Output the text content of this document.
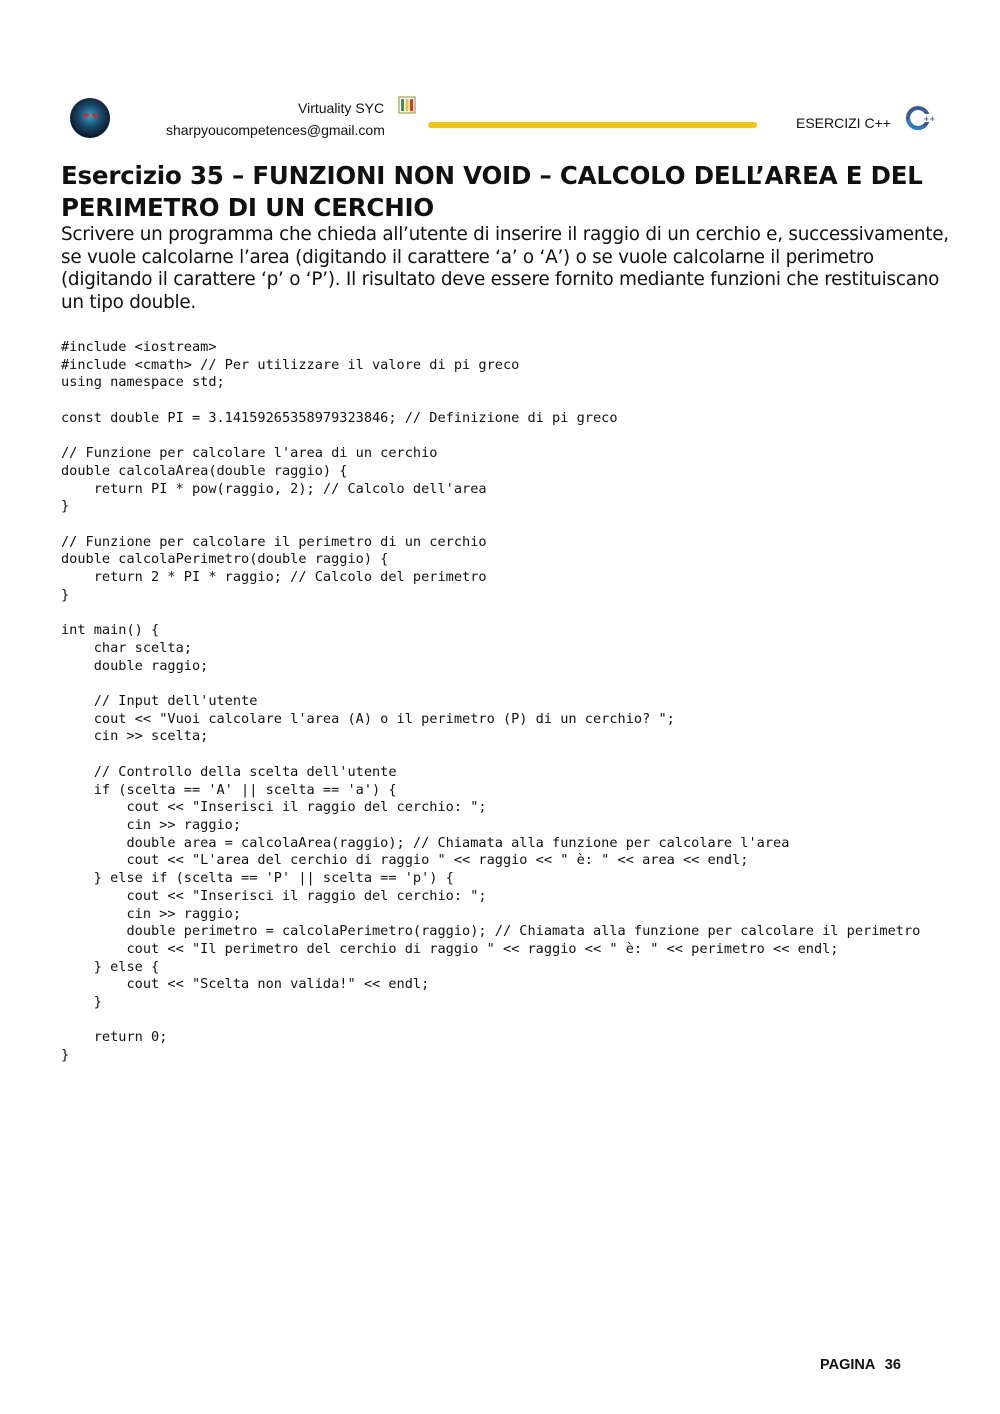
Virtuality SYC
sharpyoucompetences@gmail.com	ESERCIZI C++	++
Esercizio 35 – FUNZIONI NON VOID – CALCOLO DELL’AREA E DEL PERIMETRO DI UN CERCHIO

Scrivere un programma che chieda all’utente di inserire il raggio di un cerchio e, successivamente, se vuole calcolarne l’area (digitando il carattere ‘a’ o ‘A’) o se vuole calcolarne il perimetro (digitando il carattere ‘p’ o ‘P’). Il risultato deve essere fornito mediante funzioni che restituiscano un tipo double.

#include <iostream>
#include <cmath> // Per utilizzare il valore di pi greco
using namespace std;

const double PI = 3.14159265358979323846; // Definizione di pi greco

// Funzione per calcolare l'area di un cerchio
double calcolaArea(double raggio) {
return PI * pow(raggio, 2); // Calcolo dell'area
}

// Funzione per calcolare il perimetro di un cerchio
double calcolaPerimetro(double raggio) {
return 2 * PI * raggio; // Calcolo del perimetro
}

int main() {
char scelta;
double raggio;

// Input dell'utente
cout << "Vuoi calcolare l'area (A) o il perimetro (P) di un cerchio? ";
cin >> scelta;

// Controllo della scelta dell'utente
if (scelta == 'A' || scelta == 'a') {
cout << "Inserisci il raggio del cerchio: ";
cin >> raggio;
double area = calcolaArea(raggio); // Chiamata alla funzione per calcolare l'area
cout << "L'area del cerchio di raggio " << raggio << " è: " << area << endl;
} else if (scelta == 'P' || scelta == 'p') {
cout << "Inserisci il raggio del cerchio: ";
cin >> raggio;
double perimetro = calcolaPerimetro(raggio); // Chiamata alla funzione per calcolare il perimetro
cout << "Il perimetro del cerchio di raggio " << raggio << " è: " << perimetro << endl;
} else {
cout << "Scelta non valida!" << endl;
}

return 0;
}
PAGINA 36
